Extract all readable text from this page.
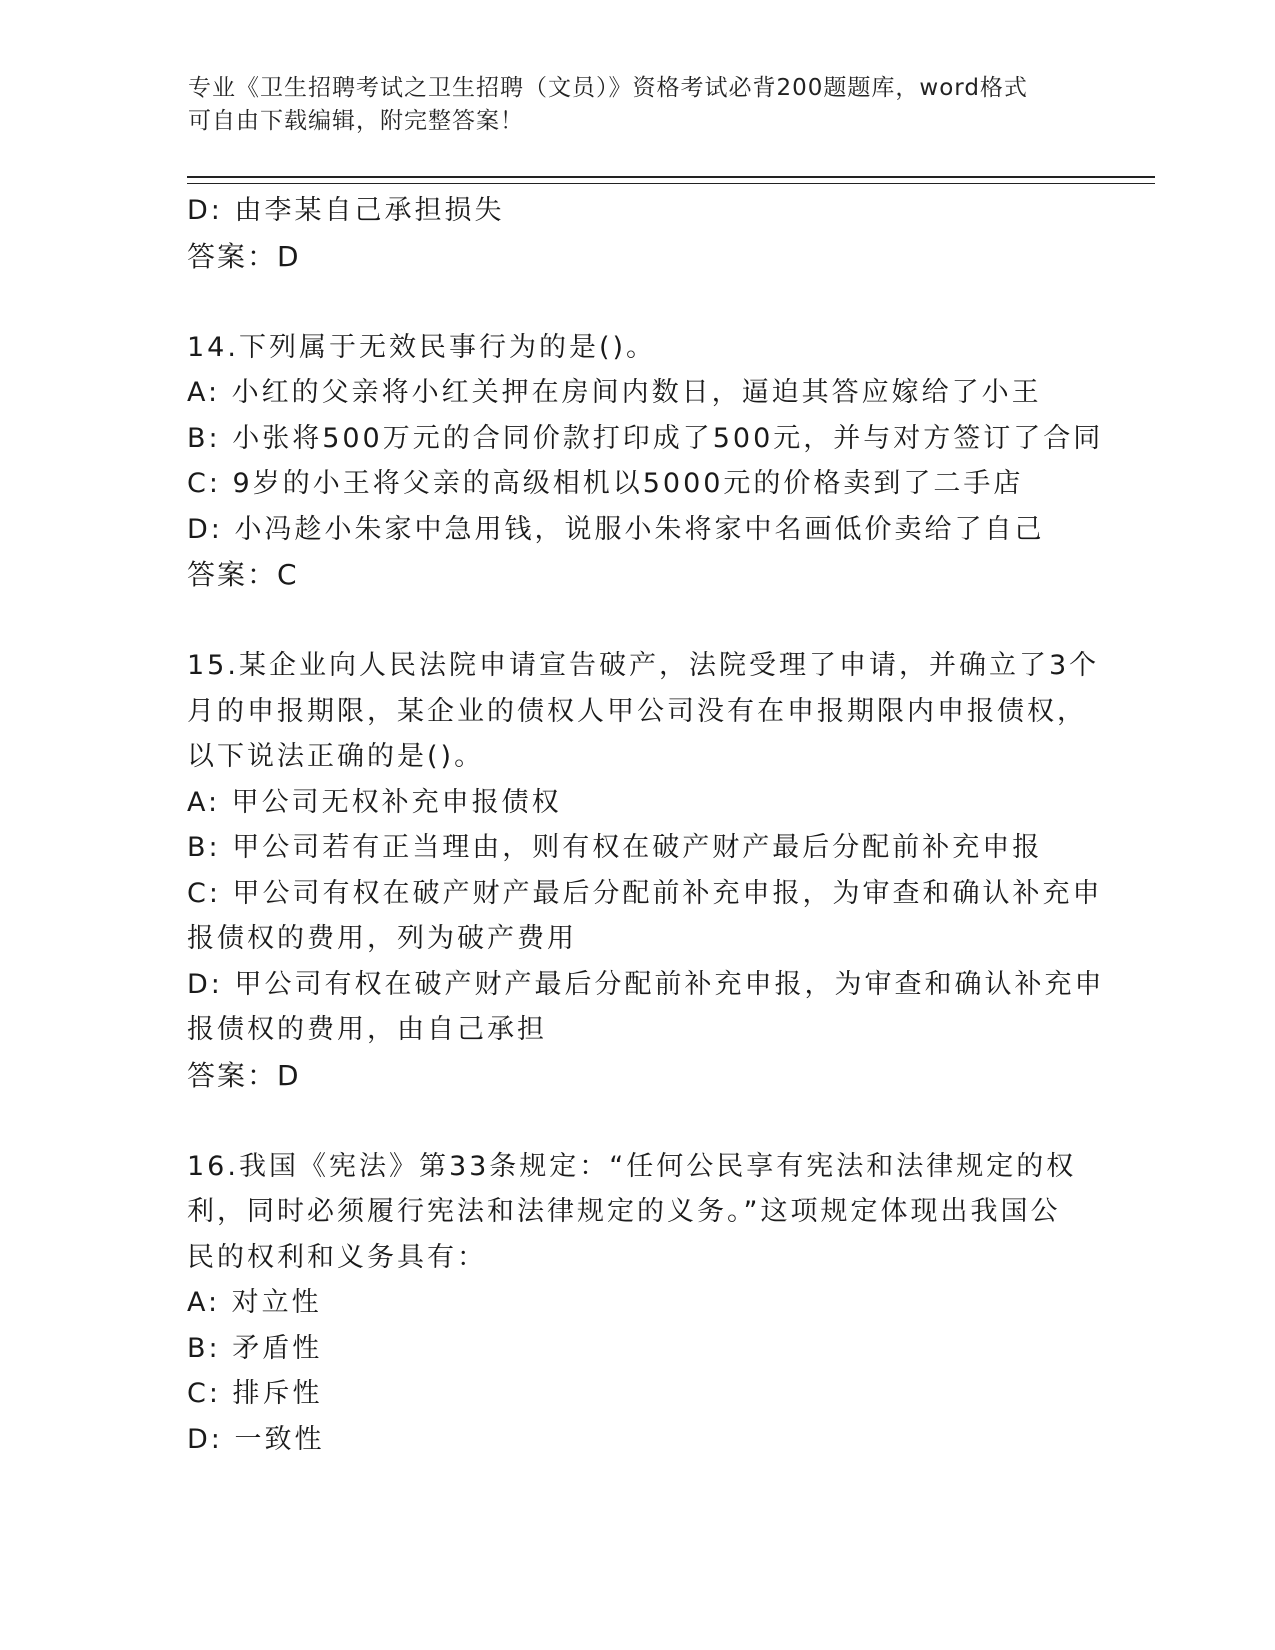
专业《卫生招聘考试之卫生招聘（文员）》资格考试必背200题题库，word格式
可自由下载编辑，附完整答案！
D: 由李某自己承担损失
答案：D
14.下列属于无效民事行为的是()。
A: 小红的父亲将小红关押在房间内数日，逼迫其答应嫁给了小王
B: 小张将500万元的合同价款打印成了500元，并与对方签订了合同
C: 9岁的小王将父亲的高级相机以5000元的价格卖到了二手店
D: 小冯趁小朱家中急用钱，说服小朱将家中名画低价卖给了自己
答案：C
15.某企业向人民法院申请宣告破产，法院受理了申请，并确立了3个
月的申报期限，某企业的债权人甲公司没有在申报期限内申报债权，
以下说法正确的是()。
A: 甲公司无权补充申报债权
B: 甲公司若有正当理由，则有权在破产财产最后分配前补充申报
C: 甲公司有权在破产财产最后分配前补充申报，为审查和确认补充申
报债权的费用，列为破产费用
D: 甲公司有权在破产财产最后分配前补充申报，为审查和确认补充申
报债权的费用，由自己承担
答案：D
16.我国《宪法》第33条规定：“任何公民享有宪法和法律规定的权
利，同时必须履行宪法和法律规定的义务。”这项规定体现出我国公
民的权利和义务具有：
A: 对立性
B: 矛盾性
C: 排斥性
D: 一致性
